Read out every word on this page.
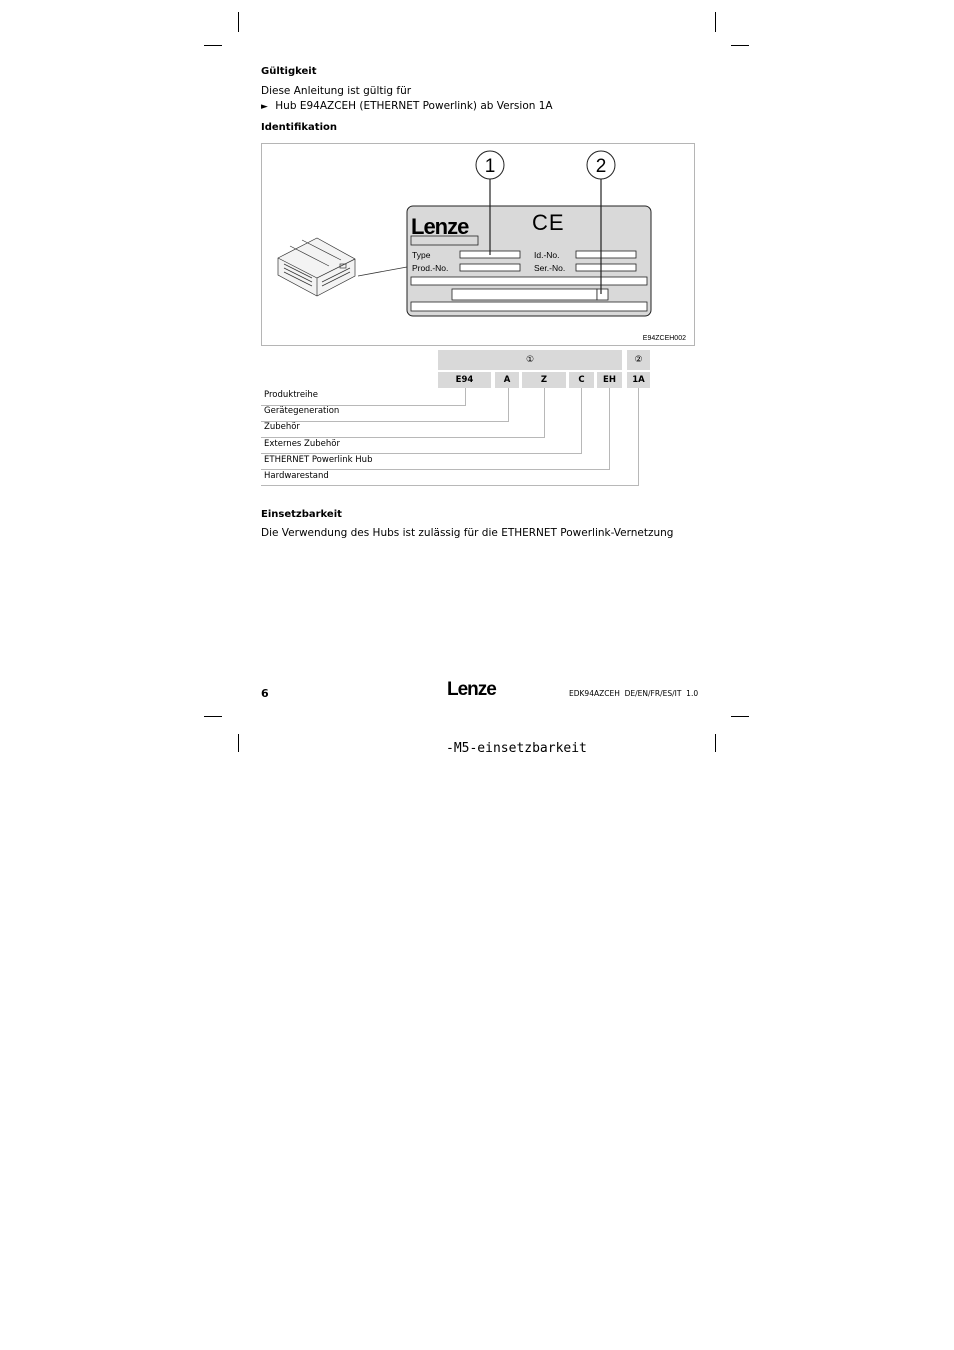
Gültigkeit
Diese Anleitung ist gültig für
► Hub E94AZCEH (ETHERNET Powerlink) ab Version 1A
Identifikation
1	2
Lenze	CE
Type
Prod.-No.
Id.-No.
Ser.-No.
E94ZCEH002
①	②
E94	A	Z	C	EH	1A
Produktreihe
Gerätegeneration
Zubehör
Externes Zubehör
ETHERNET Powerlink Hub
Hardwarestand
Einsetzbarkeit
Die Verwendung des Hubs ist zulässig für die ETHERNET Powerlink-Vernetzung
6	Lenze	EDK94AZCEH  DE/EN/FR/ES/IT  1.0
-M5-einsetzbarkeit
